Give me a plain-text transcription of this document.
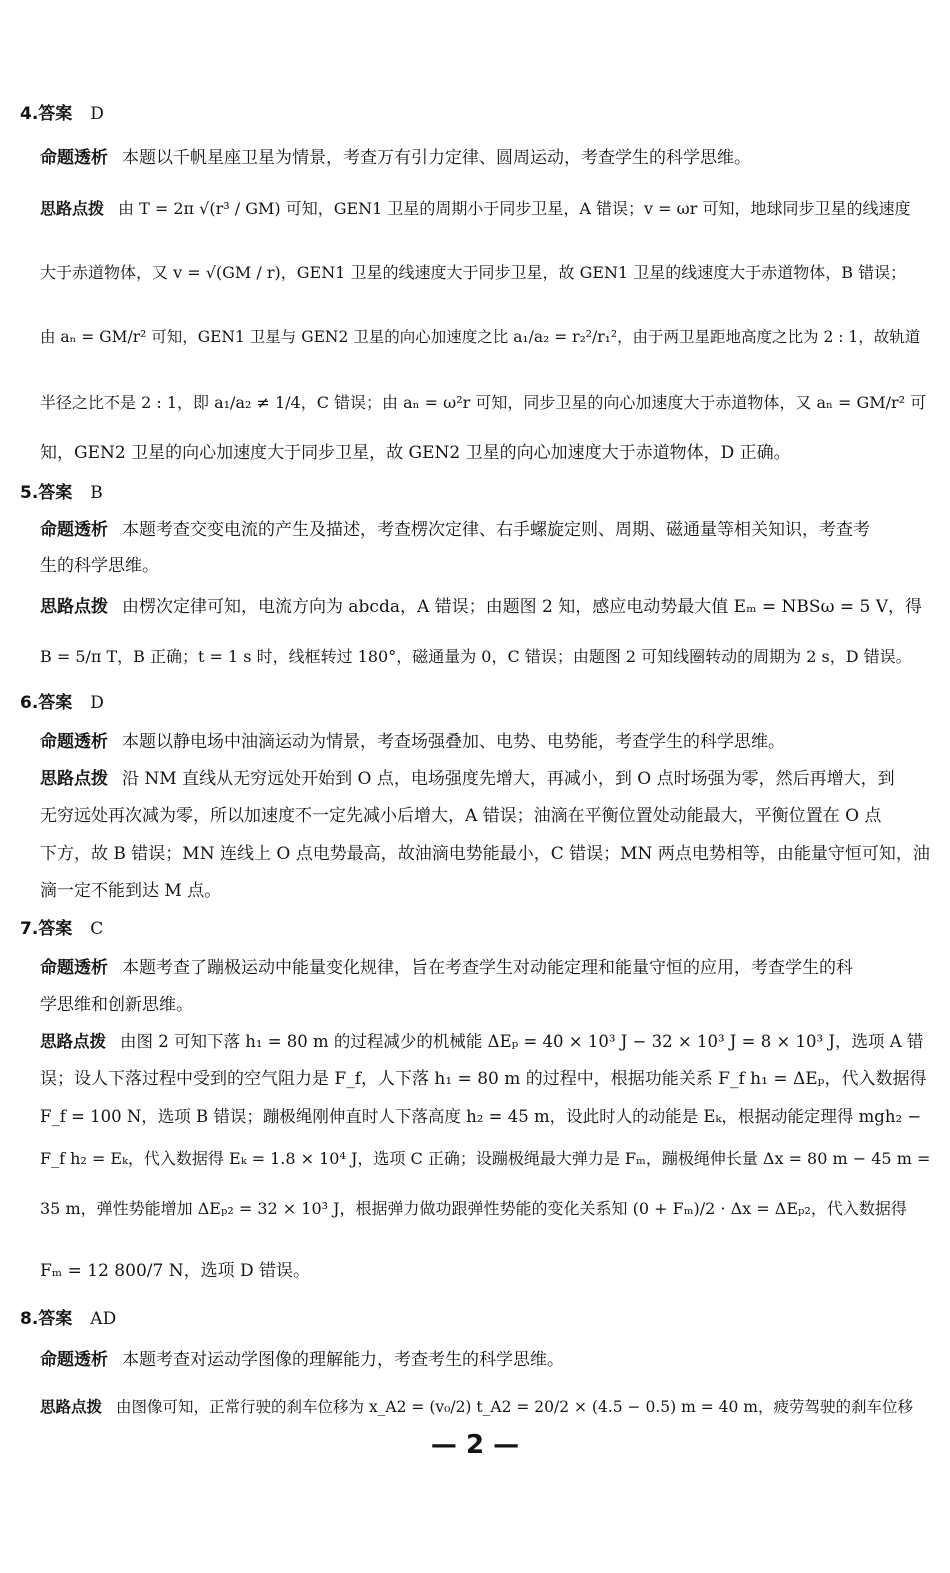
4.答案 D
命题透析 本题以千帆星座卫星为情景，考查万有引力定律、圆周运动，考查学生的科学思维。
思路点拨 由 T = 2π √(r³ / GM) 可知，GEN1 卫星的周期小于同步卫星，A 错误；v = ωr 可知，地球同步卫星的线速度
大于赤道物体，又 v = √(GM / r)，GEN1 卫星的线速度大于同步卫星，故 GEN1 卫星的线速度大于赤道物体，B 错误；
由 aₙ = GM/r² 可知，GEN1 卫星与 GEN2 卫星的向心加速度之比 a₁/a₂ = r₂²/r₁²，由于两卫星距地高度之比为 2 : 1，故轨道
半径之比不是 2 : 1，即 a₁/a₂ ≠ 1/4，C 错误；由 aₙ = ω²r 可知，同步卫星的向心加速度大于赤道物体，又 aₙ = GM/r² 可
知，GEN2 卫星的向心加速度大于同步卫星，故 GEN2 卫星的向心加速度大于赤道物体，D 正确。
5.答案 B
命题透析 本题考查交变电流的产生及描述，考查楞次定律、右手螺旋定则、周期、磁通量等相关知识，考查考
生的科学思维。
思路点拨 由楞次定律可知，电流方向为 abcda，A 错误；由题图 2 知，感应电动势最大值 Eₘ = NBSω = 5 V，得
B = 5/π T，B 正确；t = 1 s 时，线框转过 180°，磁通量为 0，C 错误；由题图 2 可知线圈转动的周期为 2 s，D 错误。
6.答案 D
命题透析 本题以静电场中油滴运动为情景，考查场强叠加、电势、电势能，考查学生的科学思维。
思路点拨 沿 NM 直线从无穷远处开始到 O 点，电场强度先增大，再减小，到 O 点时场强为零，然后再增大，到
无穷远处再次减为零，所以加速度不一定先减小后增大，A 错误；油滴在平衡位置处动能最大，平衡位置在 O 点
下方，故 B 错误；MN 连线上 O 点电势最高，故油滴电势能最小，C 错误；MN 两点电势相等，由能量守恒可知，油
滴一定不能到达 M 点。
7.答案 C
命题透析 本题考查了蹦极运动中能量变化规律，旨在考查学生对动能定理和能量守恒的应用，考查学生的科
学思维和创新思维。
思路点拨 由图 2 可知下落 h₁ = 80 m 的过程减少的机械能 ΔEₚ = 40 × 10³ J − 32 × 10³ J = 8 × 10³ J，选项 A 错
误；设人下落过程中受到的空气阻力是 F_f，人下落 h₁ = 80 m 的过程中，根据功能关系 F_f h₁ = ΔEₚ，代入数据得
F_f = 100 N，选项 B 错误；蹦极绳刚伸直时人下落高度 h₂ = 45 m，设此时人的动能是 Eₖ，根据动能定理得 mgh₂ −
F_f h₂ = Eₖ，代入数据得 Eₖ = 1.8 × 10⁴ J，选项 C 正确；设蹦极绳最大弹力是 Fₘ，蹦极绳伸长量 Δx = 80 m − 45 m =
35 m，弹性势能增加 ΔEₚ₂ = 32 × 10³ J，根据弹力做功跟弹性势能的变化关系知 (0 + Fₘ)/2 · Δx = ΔEₚ₂，代入数据得
Fₘ = 12 800/7 N，选项 D 错误。
8.答案 AD
命题透析 本题考查对运动学图像的理解能力，考查考生的科学思维。
思路点拨 由图像可知，正常行驶的刹车位移为 x_A2 = (v₀/2) t_A2 = 20/2 × (4.5 − 0.5) m = 40 m，疲劳驾驶的刹车位移
— 2 —
